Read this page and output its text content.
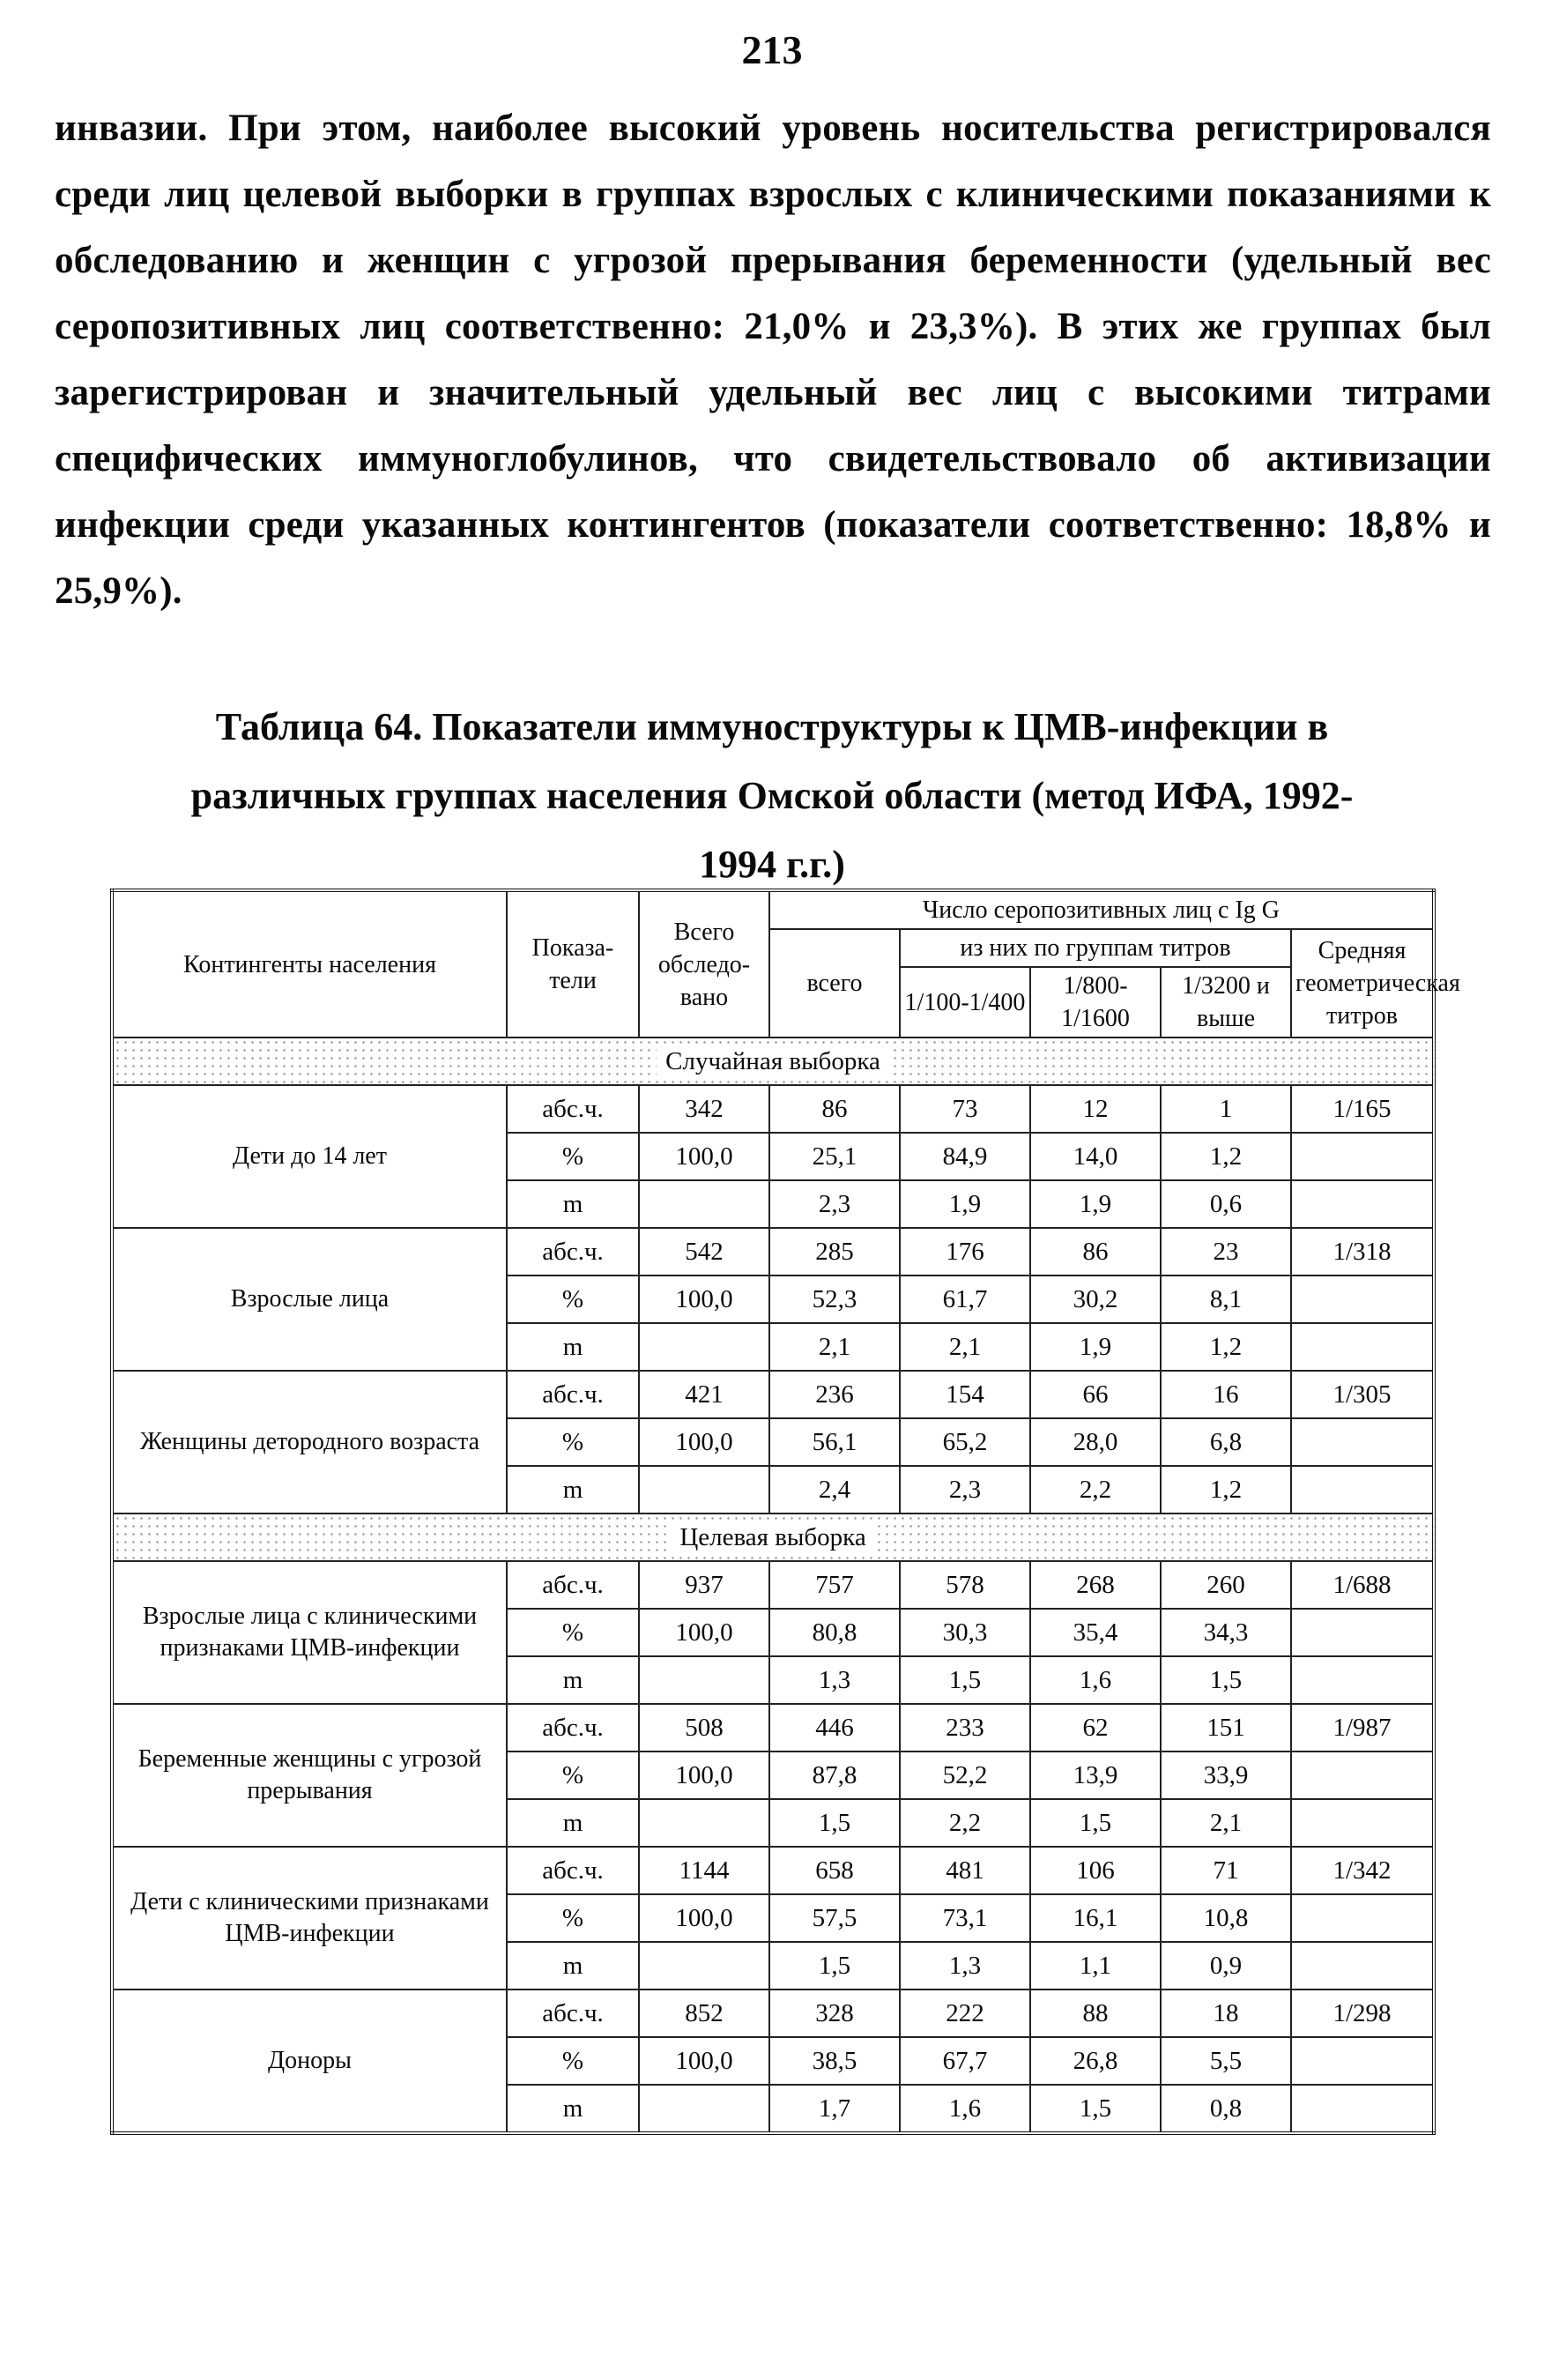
213

инвазии. При этом, наиболее высокий уровень носительства регистрировался среди лиц целевой выборки в группах взрослых с клиническими показаниями к обследованию и женщин с угрозой прерывания беременности (удельный вес серопозитивных лиц соответственно: 21,0% и 23,3%). В этих же группах был зарегистрирован и значительный удельный вес лиц с высокими титрами специфических иммуноглобулинов, что свидетельствовало об активизации инфекции среди указанных контингентов (показатели соответственно: 18,8% и 25,9%).

Таблица 64. Показатели иммуноструктуры к ЦМВ-инфекции в различных группах населения Омской области (метод ИФА, 1992-1994 г.г.)
Контингенты населения	Показа-тели	Всего обследо-вано	Число серопозитивных лиц с Ig G				
			всего	из них по группам титров			Средняя геометрическая титров
				1/100-1/400	1/800-1/1600	1/3200 и выше	
Случайная выборка							
Дети до 14 лет	абс.ч.	342	86	73	12	1	1/165
	%	100,0	25,1	84,9	14,0	1,2	
	m		2,3	1,9	1,9	0,6	
Взрослые лица	абс.ч.	542	285	176	86	23	1/318
	%	100,0	52,3	61,7	30,2	8,1	
	m		2,1	2,1	1,9	1,2	
Женщины детородного возраста	абс.ч.	421	236	154	66	16	1/305
	%	100,0	56,1	65,2	28,0	6,8	
	m		2,4	2,3	2,2	1,2	
Целевая выборка							
Взрослые лица с клиническими признаками ЦМВ-инфекции	абс.ч.	937	757	578	268	260	1/688
	%	100,0	80,8	30,3	35,4	34,3	
	m		1,3	1,5	1,6	1,5	
Беременные женщины с угрозой прерывания	абс.ч.	508	446	233	62	151	1/987
	%	100,0	87,8	52,2	13,9	33,9	
	m		1,5	2,2	1,5	2,1	
Дети с клиническими признаками ЦМВ-инфекции	абс.ч.	1144	658	481	106	71	1/342
	%	100,0	57,5	73,1	16,1	10,8	
	m		1,5	1,3	1,1	0,9	
Доноры	абс.ч.	852	328	222	88	18	1/298
	%	100,0	38,5	67,7	26,8	5,5	
	m		1,7	1,6	1,5	0,8	
